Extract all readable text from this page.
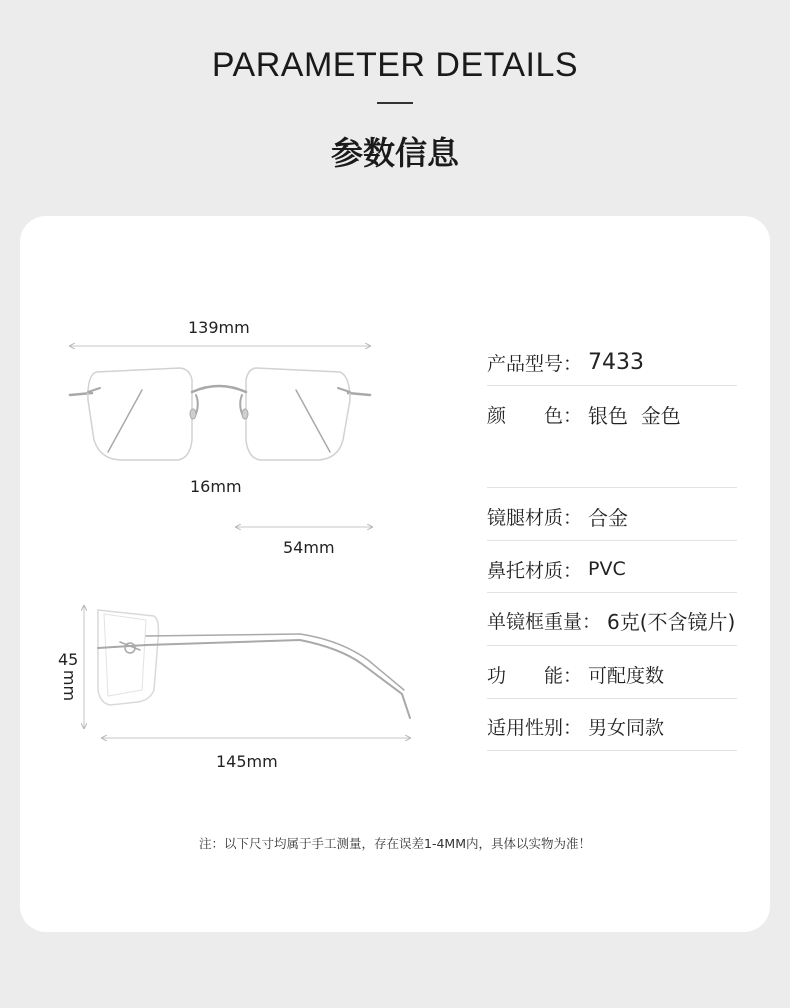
PARAMETER DETAILS
参数信息
139mm
16mm
54mm
45
mm
145mm
产品型号 ： 7433
颜　　色 ： 银色  金色
镜腿材质 ： 合金
鼻托材质 ： PVC
单镜框重量 ： 6克(不含镜片)
功　　能 ： 可配度数
适用性别 ： 男女同款
注：以下尺寸均属于手工测量，存在误差1-4MM内，具体以实物为准！
